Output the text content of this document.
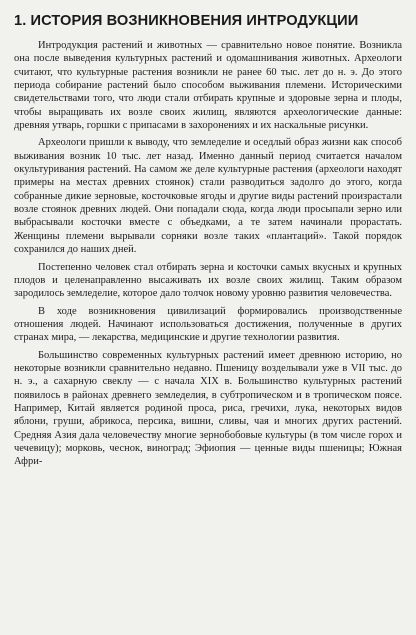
1. ИСТОРИЯ ВОЗНИКНОВЕНИЯ ИНТРОДУКЦИИ

Интродукция растений и животных — сравнительно новое понятие. Возникла она после выведения культурных растений и одомашнивания животных. Археологи считают, что культурные растения возникли не ранее 60 тыс. лет до н. э. До этого периода собирание растений было способом выживания племени. Историческими свидетельствами того, что люди стали отбирать крупные и здоровые зерна и плоды, чтобы выращивать их возле своих жилищ, являются археологические данные: древняя утварь, горшки с припасами в захоронениях и их наскальные рисунки.

Археологи пришли к выводу, что земледелие и оседлый образ жизни как способ выживания возник 10 тыс. лет назад. Именно данный период считается началом окультуривания растений. На самом же деле культурные растения (археологи находят примеры на местах древних стоянок) стали разводиться задолго до этого, когда собранные дикие зерновые, косточковые ягоды и другие виды растений произрастали возле стоянок древних людей. Они попадали сюда, когда люди просыпали зерно или выбрасывали косточки вместе с объедками, а те затем начинали прорастать. Женщины племени вырывали сорняки возле таких «плантаций». Такой порядок сохранился до наших дней.

Постепенно человек стал отбирать зерна и косточки самых вкусных и крупных плодов и целенаправленно высаживать их возле своих жилищ. Таким образом зародилось земледелие, которое дало толчок новому уровню развития человечества.

В ходе возникновения цивилизаций формировались производственные отношения людей. Начинают использоваться достижения, полученные в других странах мира, — лекарства, медицинские и другие технологии развития.

Большинство современных культурных растений имеет древнюю историю, но некоторые возникли сравнительно недавно. Пшеницу возделывали уже в VII тыс. до н. э., а сахарную свеклу — с начала XIX в. Большинство культурных растений появилось в районах древнего земледелия, в субтропическом и в тропическом поясе. Например, Китай является родиной проса, риса, гречихи, лука, некоторых видов яблони, груши, абрикоса, персика, вишни, сливы, чая и многих других растений. Средняя Азия дала человечеству многие зернобобовые культуры (в том числе горох и чечевицу); морковь, чеснок, виноград; Эфиопия — ценные виды пшеницы; Южная Афри-
